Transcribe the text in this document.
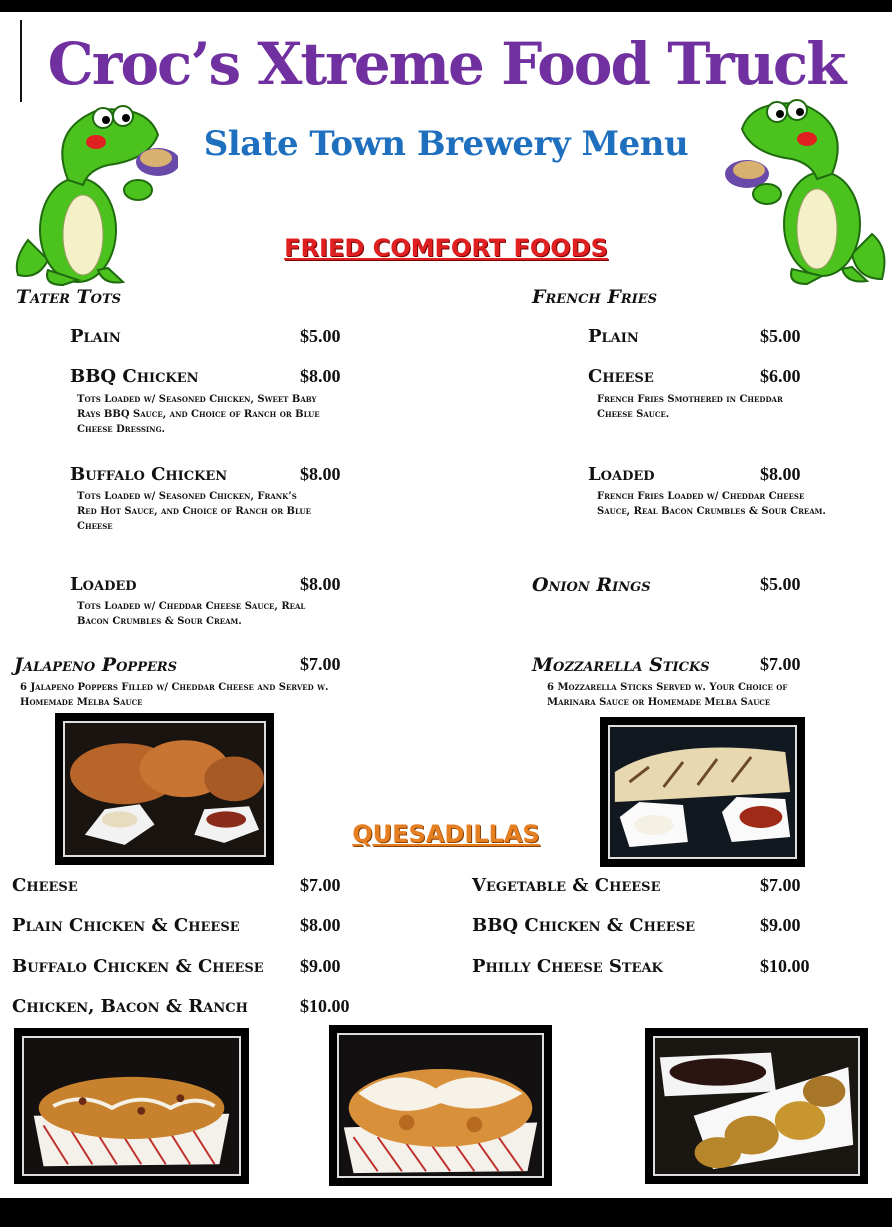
Croc’s Xtreme Food Truck
Slate Town Brewery Menu
FRIED COMFORT FOODS
Tater Tots
Plain	$5.00
BBQ Chicken	$8.00
Tots Loaded w/ Seasoned Chicken, Sweet Baby Rays BBQ Sauce, and Choice of Ranch or Blue Cheese Dressing.
Buffalo Chicken	$8.00
Tots Loaded w/ Seasoned Chicken, Frank’s Red Hot Sauce, and Choice of Ranch or Blue Cheese
Loaded	$8.00
Tots Loaded w/ Cheddar Cheese Sauce, Real Bacon Crumbles & Sour Cream.
French Fries
Plain	$5.00
Cheese	$6.00
French Fries Smothered in Cheddar Cheese Sauce.
Loaded	$8.00
French Fries Loaded w/ Cheddar Cheese Sauce, Real Bacon Crumbles & Sour Cream.
Onion Rings	$5.00
Jalapeno Poppers	$7.00
6 Jalapeno Poppers Filled w/ Cheddar Cheese and Served w. Homemade Melba Sauce
Mozzarella Sticks	$7.00
6 Mozzarella Sticks Served w. Your Choice of Marinara Sauce or Homemade Melba Sauce
QUESADILLAS
Cheese	$7.00
Plain Chicken & Cheese	$8.00
Buffalo Chicken & Cheese $9.00
Chicken, Bacon & Ranch	$10.00
Vegetable & Cheese	$7.00
BBQ Chicken & Cheese	$9.00
Philly Cheese Steak	$10.00
